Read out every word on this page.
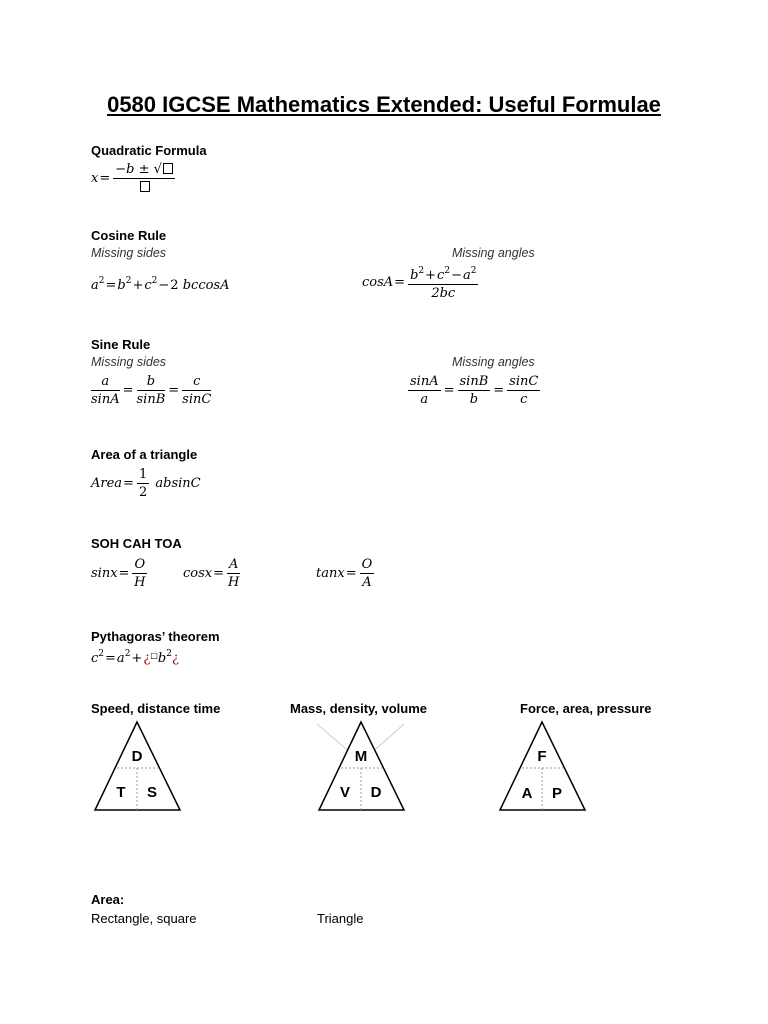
0580 IGCSE Mathematics Extended: Useful Formulae
Quadratic Formula
x=
−b ± √
Cosine Rule
Missing sides	Missing angles
$a^2=b^2+c^2-2$ bccosA	$\cos A= \frac{b^2+c^2-a^2}{2bc}$
Sine Rule
Missing sides	Missing angles
$\frac{a}{\sin A} = \frac{b}{\sin B} = \frac{c}{\sin C}$	$\frac{\sin A}{a} = \frac{\sin B}{b} = \frac{\sin C}{c}$
Area of a triangle
Area= $\frac{1}{2}$ absinC
SOH CAH TOA
$\sin x= \frac{O}{H}$	$\cos x= \frac{A}{H}$	$\tan x= \frac{O}{A}$
Pythagoras’ theorem
$c^2=a^2+¿^□b^2¿$
Speed, distance time	Mass, density, volume	Force, area, pressure
D
T S
M
V D
F
A P
Area:
Rectangle, square	Triangle
